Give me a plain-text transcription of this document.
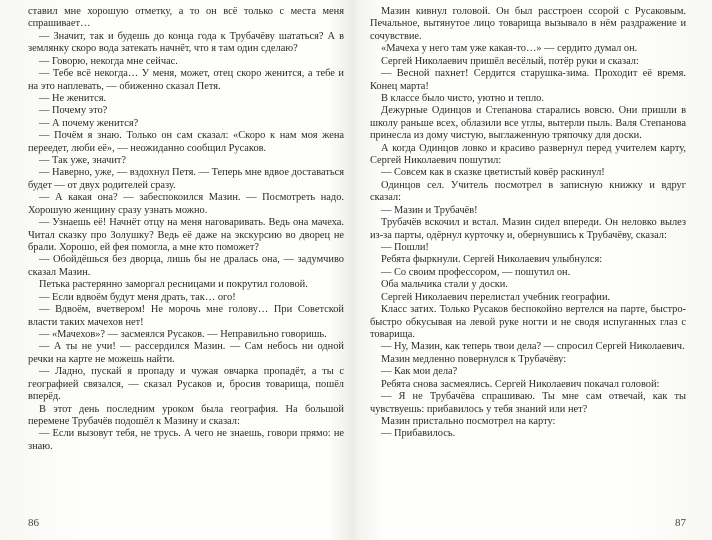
ставил мне хорошую отметку, а то он всё только с места меня спрашивает…

— Значит, так и будешь до конца года к Трубачёву шататься? А в землянку скоро вода затекать начнёт, что я там один сделаю?

— Говорю, некогда мне сейчас.

— Тебе всё некогда… У меня, может, отец скоро женится, а тебе и на это наплевать, — обиженно сказал Петя.

— Не женится.

— Почему это?

— А почему женится?

— Почём я знаю. Только он сам сказал: «Скоро к нам моя жена переедет, люби её», — неожиданно сообщил Русаков.

— Так уже, значит?

— Наверно, уже, — вздохнул Петя. — Теперь мне вдвое доставаться будет — от двух родителей сразу.

— А какая она? — забеспокоился Мазин. — Посмотреть надо. Хорошую женщину сразу узнать можно.

— Узнаешь её! Начнёт отцу на меня наговаривать. Ведь она мачеха. Читал сказку про Золушку? Ведь её даже на экскурсию во дворец не брали. Хорошо, ей фея помогла, а мне кто поможет?

— Обойдёшься без дворца, лишь бы не дралась она, — задумчиво сказал Мазин.

Петька растерянно заморгал ресницами и покрутил головой.

— Если вдвоём будут меня драть, так… ого!

— Вдвоём, вчетвером! Не морочь мне голову… При Советской власти таких мачехов нет!

— «Мачехов»? — засмеялся Русаков. — Неправильно говоришь.

— А ты не учи! — рассердился Мазин. — Сам небось ни одной речки на карте не можешь найти.

— Ладно, пускай я пропаду и чужая овчарка пропадёт, а ты с географией связался, — сказал Русаков и, бросив товарища, пошёл вперёд.

В этот день последним уроком была география. На большой перемене Трубачёв подошёл к Мазину и сказал:

— Если вызовут тебя, не трусь. А чего не знаешь, говори прямо: не знаю.

86

Мазин кивнул головой. Он был расстроен ссорой с Русаковым. Печальное, вытянутое лицо товарища вызывало в нём раздражение и сочувствие.

«Мачеха у него там уже какая-то…» — сердито думал он.

Сергей Николаевич пришёл весёлый, потёр руки и сказал:

— Весной пахнет! Сердится старушка-зима. Проходит её время. Конец марта!

В классе было чисто, уютно и тепло.

Дежурные Одинцов и Степанова старались вовсю. Они пришли в школу раньше всех, облазили все углы, вытерли пыль. Валя Степанова принесла из дому чистую, выглаженную тряпочку для доски.

А когда Одинцов ловко и красиво развернул перед учителем карту, Сергей Николаевич пошутил:

— Совсем как в сказке цветистый ковёр раскинул!

Одинцов сел. Учитель посмотрел в записную книжку и вдруг сказал:

— Мазин и Трубачёв!

Трубачёв вскочил и встал. Мазин сидел впереди. Он неловко вылез из-за парты, одёрнул курточку и, обернувшись к Трубачёву, сказал:

— Пошли!

Ребята фыркнули. Сергей Николаевич улыбнулся:

— Со своим профессором, — пошутил он.

Оба мальчика стали у доски.

Сергей Николаевич перелистал учебник географии.

Класс затих. Только Русаков беспокойно вертелся на парте, быстро-быстро обкусывая на левой руке ногти и не сводя испуганных глаз с товарища.

— Ну, Мазин, как теперь твои дела? — спросил Сергей Николаевич.

Мазин медленно повернулся к Трубачёву:

— Как мои дела?

Ребята снова засмеялись. Сергей Николаевич покачал головой:

— Я не Трубачёва спрашиваю. Ты мне сам отвечай, как ты чувствуешь: прибавилось у тебя знаний или нет?

Мазин пристально посмотрел на карту:

— Прибавилось.

87
